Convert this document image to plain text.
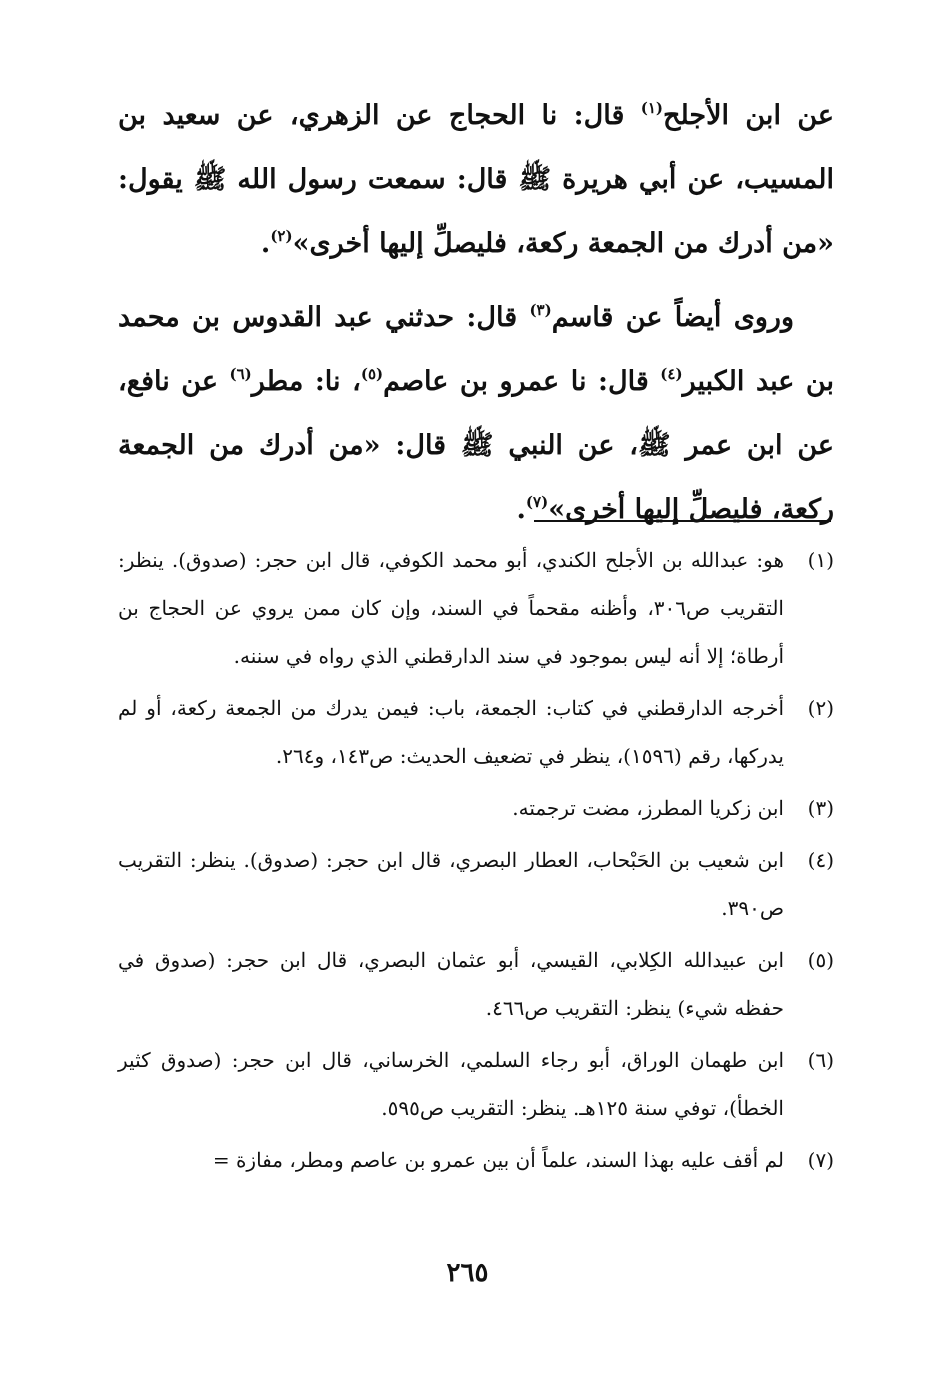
عن ابن الأجلح$^{(١)}$ قال: نا الحجاج عن الزهري، عن سعيد بن المسيب، عن أبي هريرة ﷺ قال: سمعت رسول الله ﷺ يقول: «من أدرك من الجمعة ركعة، فليصلِّ إليها أخرى»$^{(٢)}$.

وروى أيضاً عن قاسم$^{(٣)}$ قال: حدثني عبد القدوس بن محمد بن عبد الكبير$^{(٤)}$ قال: نا عمرو بن عاصم$^{(٥)}$، نا: مطر$^{(٦)}$ عن نافع، عن ابن عمر ﷺ، عن النبي ﷺ قال: «من أدرك من الجمعة ركعة، فليصلِّ إليها أخرى»$^{(٧)}$.

(١)
هو: عبدالله بن الأجلح الكندي، أبو محمد الكوفي، قال ابن حجر: (صدوق). ينظر: التقريب ص٣٠٦، وأظنه مقحماً في السند، وإن كان ممن يروي عن الحجاج بن أرطاة؛ إلا أنه ليس بموجود في سند الدارقطني الذي رواه في سننه.
(٢)
أخرجه الدارقطني في كتاب: الجمعة، باب: فيمن يدرك من الجمعة ركعة، أو لم يدركها، رقم (١٥٩٦)، ينظر في تضعيف الحديث: ص١٤٣، و٢٦٤.
(٣)
ابن زكريا المطرز، مضت ترجمته.
(٤)
ابن شعيب بن الحَبْحاب، العطار البصري، قال ابن حجر: (صدوق). ينظر: التقريب ص٣٩٠.
(٥)
ابن عبيدالله الكِلابي، القيسي، أبو عثمان البصري، قال ابن حجر: (صدوق في حفظه شيء) ينظر: التقريب ص٤٦٦.
(٦)
ابن طهمان الوراق، أبو رجاء السلمي، الخرساني، قال ابن حجر: (صدوق كثير الخطأ)، توفي سنة ١٢٥هـ. ينظر: التقريب ص٥٩٥.
(٧)
لم أقف عليه بهذا السند، علماً أن بين عمرو بن عاصم ومطر، مفازة =
٢٦٥
